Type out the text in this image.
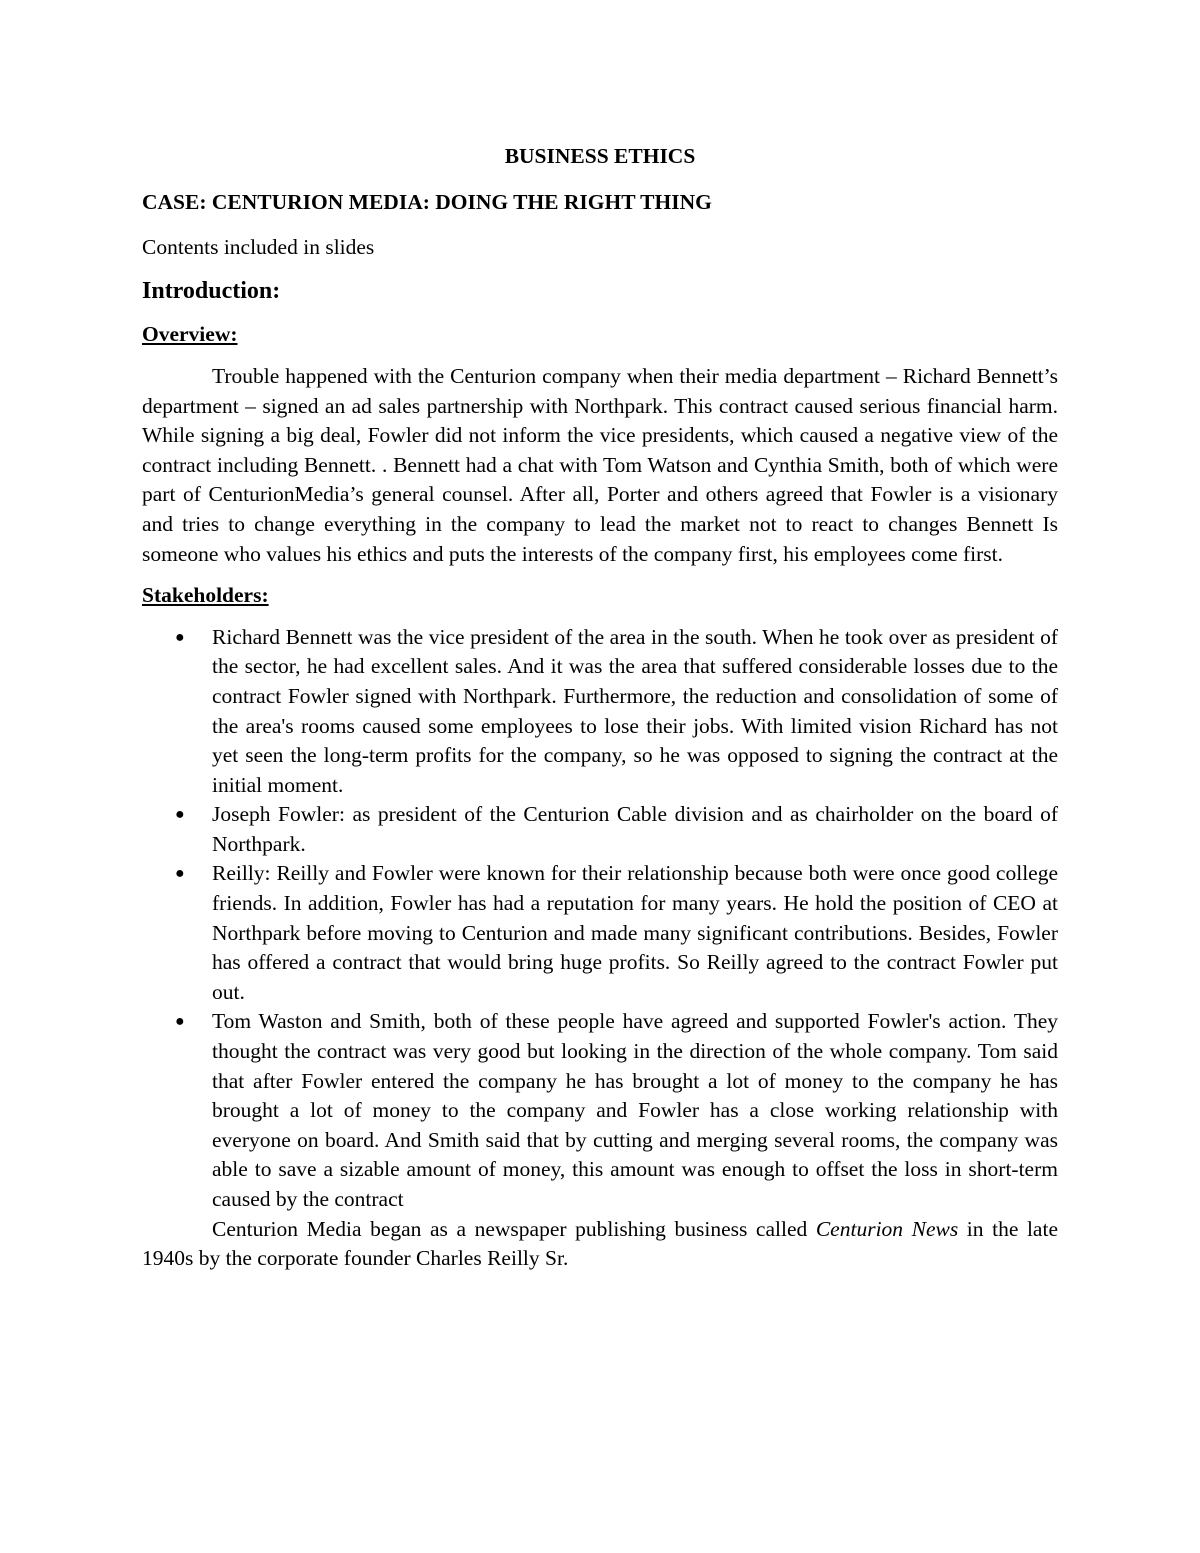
BUSINESS ETHICS
CASE: CENTURION MEDIA: DOING THE RIGHT THING
Contents included in slides
Introduction:
Overview:

Trouble happened with the Centurion company when their media department – Richard Bennett’s department – signed an ad sales partnership with Northpark. This contract caused serious financial harm. While signing a big deal, Fowler did not inform the vice presidents, which caused a negative view of the contract including Bennett. . Bennett had a chat with Tom Watson and Cynthia Smith, both of which were part of CenturionMedia’s general counsel. After all, Porter and others agreed that Fowler is a visionary and tries to change everything in the company to lead the market not to react to changes Bennett Is someone who values his ethics and puts the interests of the company first, his employees come first.

Stakeholders:
● Richard Bennett was the vice president of the area in the south. When he took over as president of the sector, he had excellent sales. And it was the area that suffered considerable losses due to the contract Fowler signed with Northpark. Furthermore, the reduction and consolidation of some of the area's rooms caused some employees to lose their jobs. With limited vision Richard has not yet seen the long-term profits for the company, so he was opposed to signing the contract at the initial moment.
● Joseph Fowler: as president of the Centurion Cable division and as chairholder on the board of Northpark.
● Reilly: Reilly and Fowler were known for their relationship because both were once good college friends. In addition, Fowler has had a reputation for many years. He hold the position of CEO at Northpark before moving to Centurion and made many significant contributions. Besides, Fowler has offered a contract that would bring huge profits. So Reilly agreed to the contract Fowler put out.
● Tom Waston and Smith, both of these people have agreed and supported Fowler's action. They thought the contract was very good but looking in the direction of the whole company. Tom said that after Fowler entered the company he has brought a lot of money to the company he has brought a lot of money to the company and Fowler has a close working relationship with everyone on board. And Smith said that by cutting and merging several rooms, the company was able to save a sizable amount of money, this amount was enough to offset the loss in short-term caused by the contract

Centurion Media began as a newspaper publishing business called Centurion News in the late 1940s by the corporate founder Charles Reilly Sr.
